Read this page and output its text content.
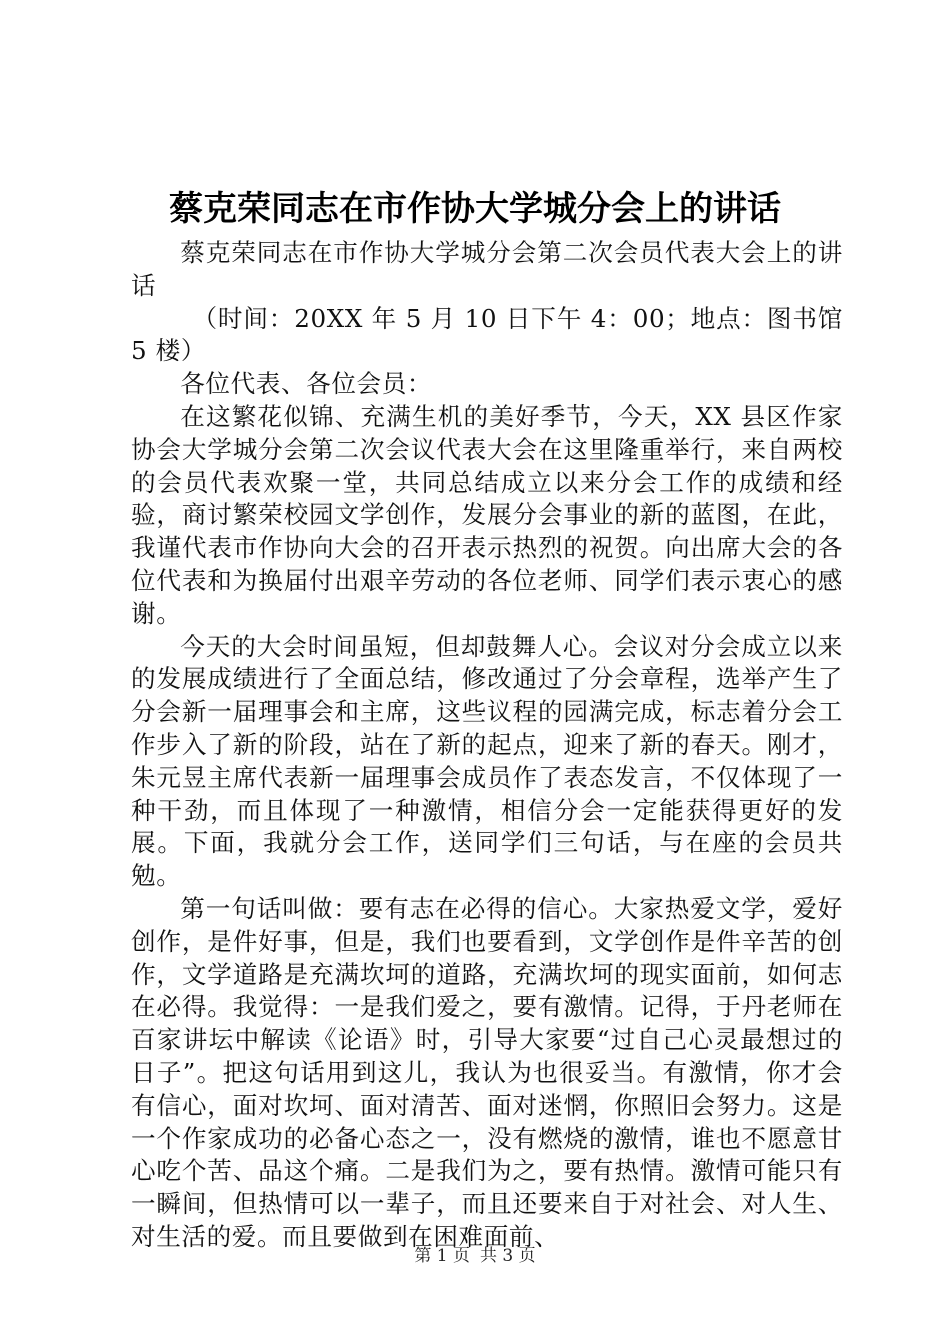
蔡克荣同志在市作协大学城分会上的讲话

蔡克荣同志在市作协大学城分会第二次会员代表大会上的讲话

（时间：20XX 年 5 月 10 日下午 4：00；地点：图书馆 5 楼）

各位代表、各位会员：

在这繁花似锦、充满生机的美好季节，今天，XX 县区作家协会大学城分会第二次会议代表大会在这里隆重举行，来自两校的会员代表欢聚一堂，共同总结成立以来分会工作的成绩和经验，商讨繁荣校园文学创作，发展分会事业的新的蓝图，在此，我谨代表市作协向大会的召开表示热烈的祝贺。向出席大会的各位代表和为换届付出艰辛劳动的各位老师、同学们表示衷心的感谢。

今天的大会时间虽短，但却鼓舞人心。会议对分会成立以来的发展成绩进行了全面总结，修改通过了分会章程，选举产生了分会新一届理事会和主席，这些议程的园满完成，标志着分会工作步入了新的阶段，站在了新的起点，迎来了新的春天。刚才，朱元昱主席代表新一届理事会成员作了表态发言，不仅体现了一种干劲，而且体现了一种激情，相信分会一定能获得更好的发展。下面，我就分会工作，送同学们三句话，与在座的会员共勉。

第一句话叫做：要有志在必得的信心。大家热爱文学，爱好创作，是件好事，但是，我们也要看到，文学创作是件辛苦的创作，文学道路是充满坎坷的道路，充满坎坷的现实面前，如何志在必得。我觉得：一是我们爱之，要有激情。记得，于丹老师在百家讲坛中解读《论语》时，引导大家要“过自己心灵最想过的日子”。把这句话用到这儿，我认为也很妥当。有激情，你才会有信心，面对坎坷、面对清苦、面对迷惘，你照旧会努力。这是一个作家成功的必备心态之一，没有燃烧的激情，谁也不愿意甘心吃个苦、品这个痛。二是我们为之，要有热情。激情可能只有一瞬间，但热情可以一辈子，而且还要来自于对社会、对人生、对生活的爱。而且要做到在困难面前、

第 1 页 共 3 页
